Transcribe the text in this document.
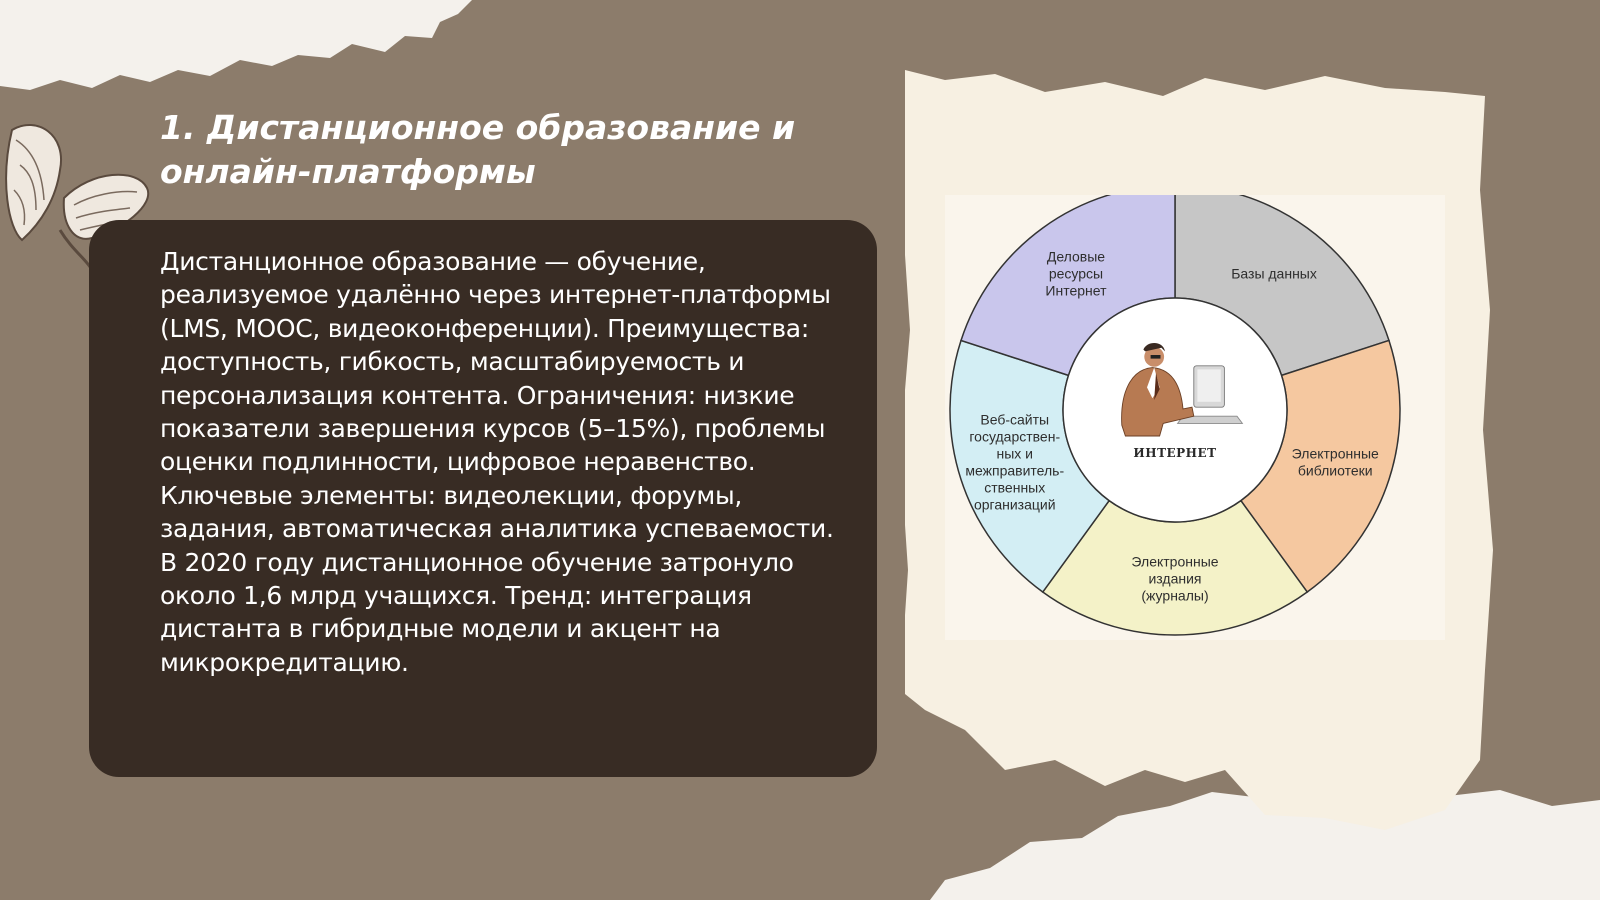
1. Дистанционное образование и онлайн-платформы

Дистанционное образование — обучение, реализуемое удалённо через интернет-платформы (LMS, MOOC, видеоконференции). Преимущества: доступность, гибкость, масштабируемость и персонализация контента. Ограничения: низкие показатели завершения курсов (5–15%), проблемы оценки подлинности, цифровое неравенство. Ключевые элементы: видеолекции, форумы, задания, автоматическая аналитика успеваемости. В 2020 году дистанционное обучение затронуло около 1,6 млрд учащихся. Тренд: интеграция дистанта в гибридные модели и акцент на микрокредитацию.

ИНТЕРНЕТ
Базы данных
Электронные библиотеки
Электронные издания (журналы)
Веб-сайты государствен-ных и межправитель-ственных организаций
Деловые ресурсы Интернет
